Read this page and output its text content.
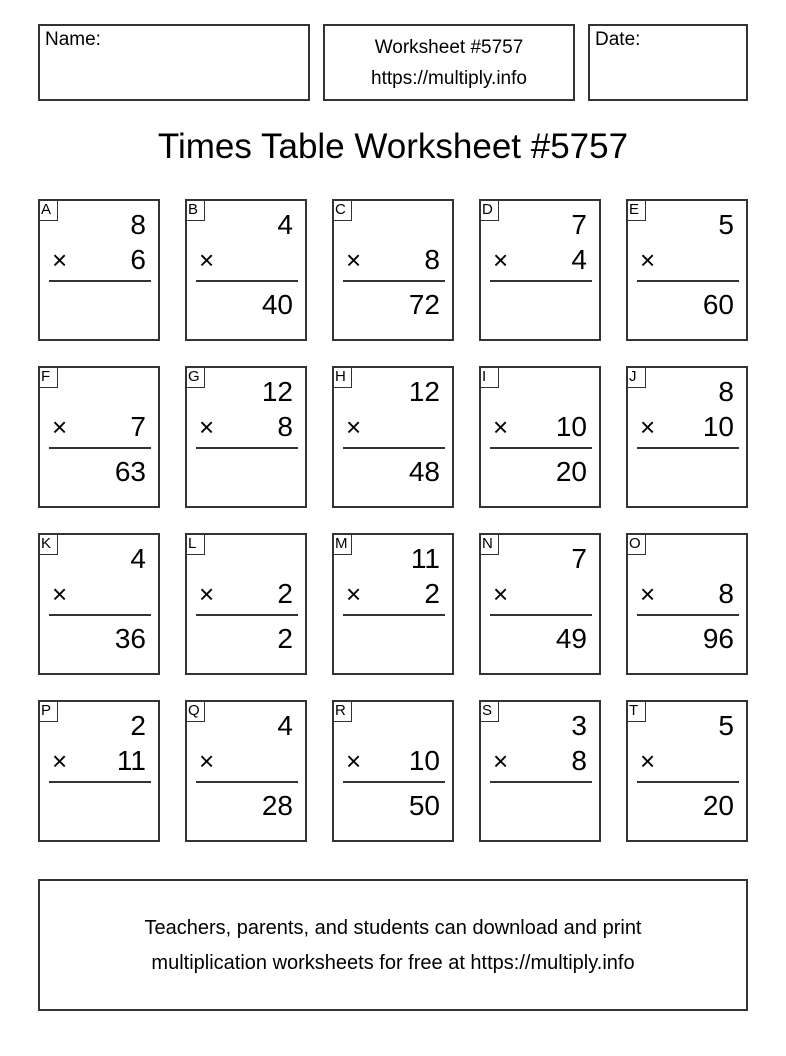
Name:	Worksheet #5757
https://multiply.info
Date:
Times Table Worksheet #5757
A	8
× 6
B	4
×
40
C
× 8
72
D	7
× 4
E	5
×
60
F
× 7
63
G 12
× 8
H 12
×
48
I
× 10
20
J	8
× 10
K	4
×
36
L
× 2
2
M 11
× 2
N	7
×
49
O
× 8
96
P	2
× 11
Q	4
×
28
R
× 10
50
S	3
× 8
T	5
×
20
Teachers, parents, and students can download and print
multiplication worksheets for free at https://multiply.info
